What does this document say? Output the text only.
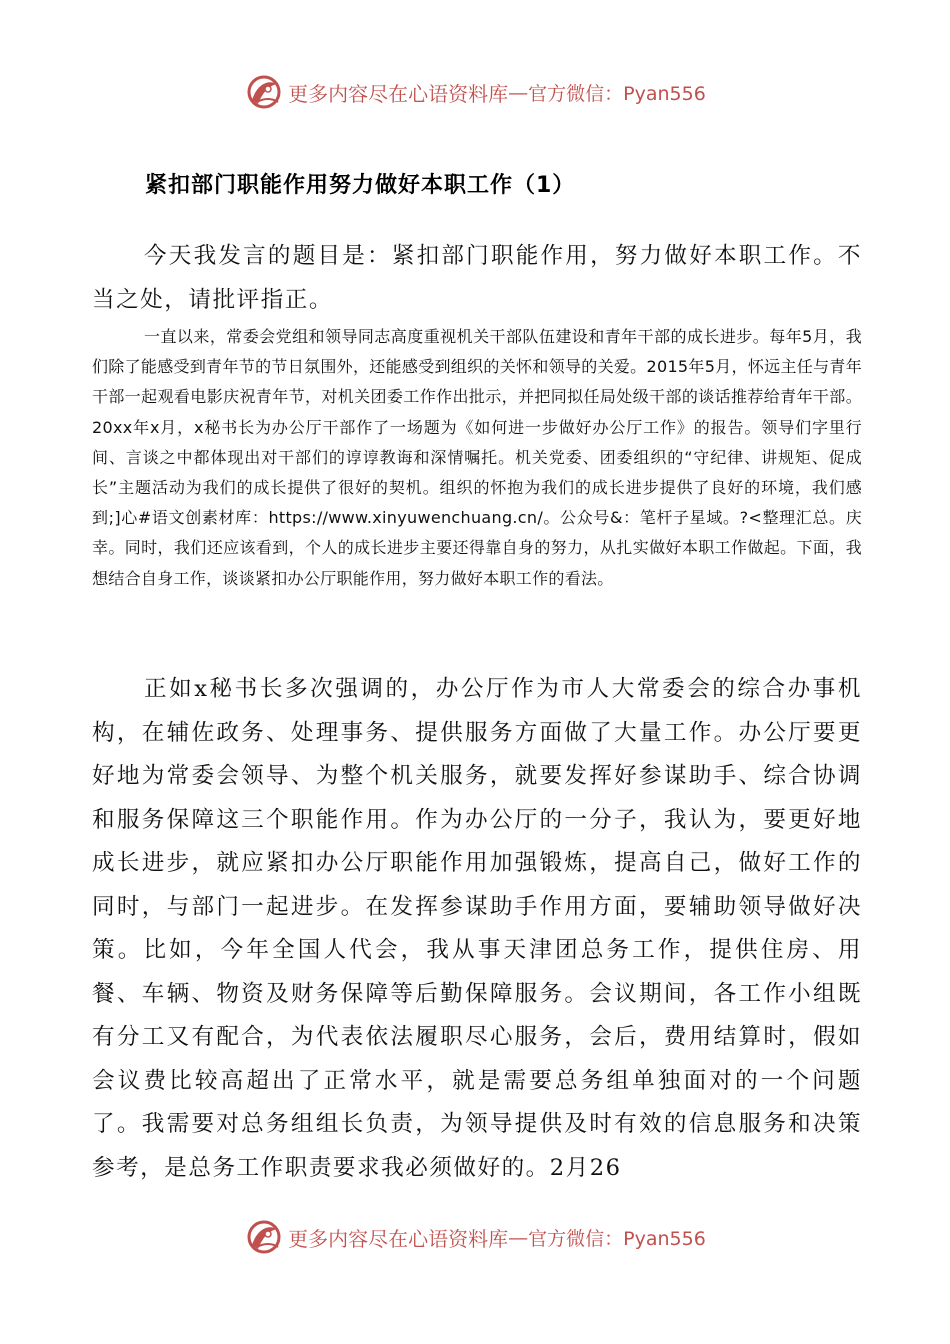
更多内容尽在心语资料库 — 官方微信：Pyan556
紧扣部门职能作用努力做好本职工作（1）

今天我发言的题目是：紧扣部门职能作用，努力做好本职工作。不当之处，请批评指正。

一直以来，常委会党组和领导同志高度重视机关干部队伍建设和青年干部的成长进步。每年5月，我们除了能感受到青年节的节日氛围外，还能感受到组织的关怀和领导的关爱。2015年5月，怀远主任与青年干部一起观看电影庆祝青年节，对机关团委工作作出批示，并把同拟任局处级干部的谈话推荐给青年干部。20xx年x月，x秘书长为办公厅干部作了一场题为《如何进一步做好办公厅工作》的报告。领导们字里行间、言谈之中都体现出对干部们的谆谆教诲和深情嘱托。机关党委、团委组织的“守纪律、讲规矩、促成长”主题活动为我们的成长提供了很好的契机。组织的怀抱为我们的成长进步提供了良好的环境，我们感到;]心#语文创素材库：https://www.xinyuwenchuang.cn/。公众号&：笔杆子星域。?<整理汇总。庆幸。同时，我们还应该看到，个人的成长进步主要还得靠自身的努力，从扎实做好本职工作做起。下面，我想结合自身工作，谈谈紧扣办公厅职能作用，努力做好本职工作的看法。

正如x秘书长多次强调的，办公厅作为市人大常委会的综合办事机构，在辅佐政务、处理事务、提供服务方面做了大量工作。办公厅要更好地为常委会领导、为整个机关服务，就要发挥好参谋助手、综合协调和服务保障这三个职能作用。作为办公厅的一分子，我认为，要更好地成长进步，就应紧扣办公厅职能作用加强锻炼，提高自己，做好工作的同时，与部门一起进步。在发挥参谋助手作用方面，要辅助领导做好决策。比如，今年全国人代会，我从事天津团总务工作，提供住房、用餐、车辆、物资及财务保障等后勤保障服务。会议期间，各工作小组既有分工又有配合，为代表依法履职尽心服务，会后，费用结算时，假如会议费比较高超出了正常水平，就是需要总务组单独面对的一个问题了。我需要对总务组组长负责，为领导提供及时有效的信息服务和决策参考，是总务工作职责要求我必须做好的。2月26

更多内容尽在心语资料库 — 官方微信：Pyan556
